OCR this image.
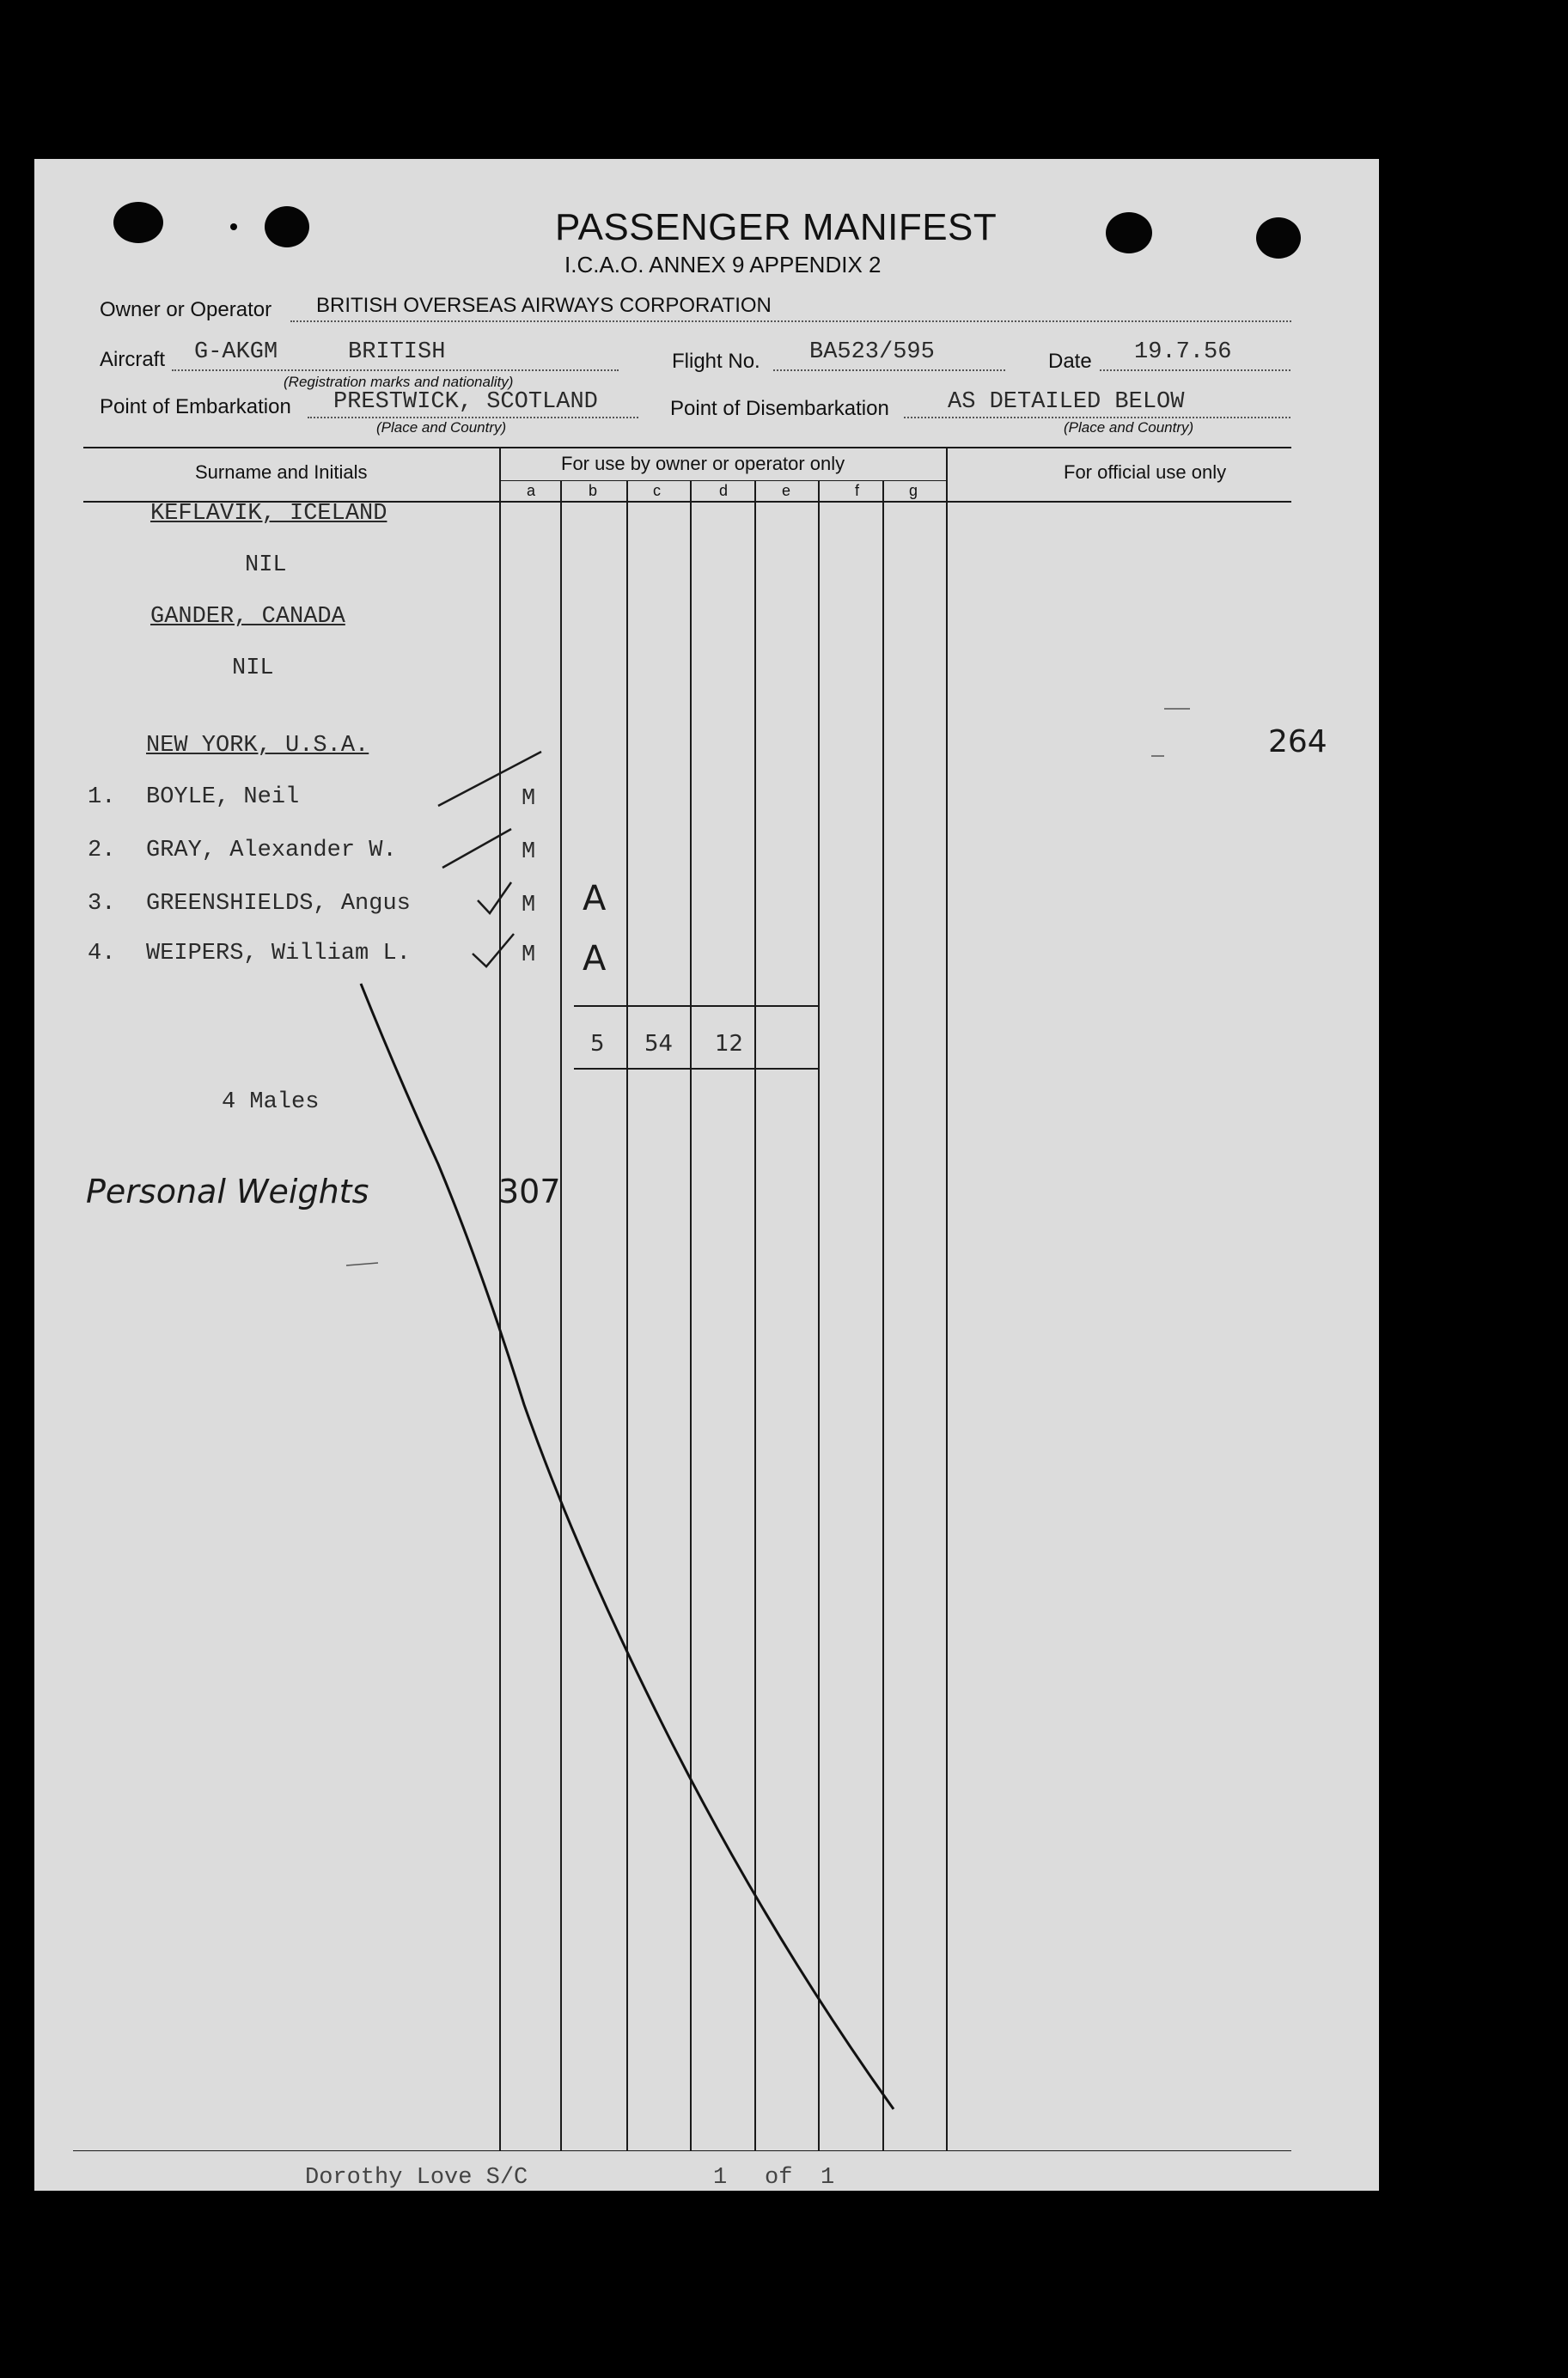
PASSENGER MANIFEST
I.C.A.O. ANNEX 9 APPENDIX 2
Owner or Operator BRITISH OVERSEAS AIRWAYS CORPORATION
Aircraft G-AKGM	BRITISH
(Registration marks and nationality)
Flight No. BA523/595	Date 19.7.56
Point of Embarkation PRESTWICK, SCOTLAND
(Place and Country)
Point of Disembarkation	AS DETAILED BELOW
(Place and Country)
Surname and Initials	For use by owner or operator only	For official use only
a	b	c	d	e	f	g
KEFLAVIK, ICELAND
NIL
GANDER, CANADA
NIL
NEW YORK, U.S.A.
1. BOYLE, Neil	M
2. GRAY, Alexander W.	M
3. GREENSHIELDS, Angus	M A
4. WEIPERS, William L.	M A
5 54 12
4 Males
Personal Weights	307
264
Dorothy Love S/C	1 of 1
